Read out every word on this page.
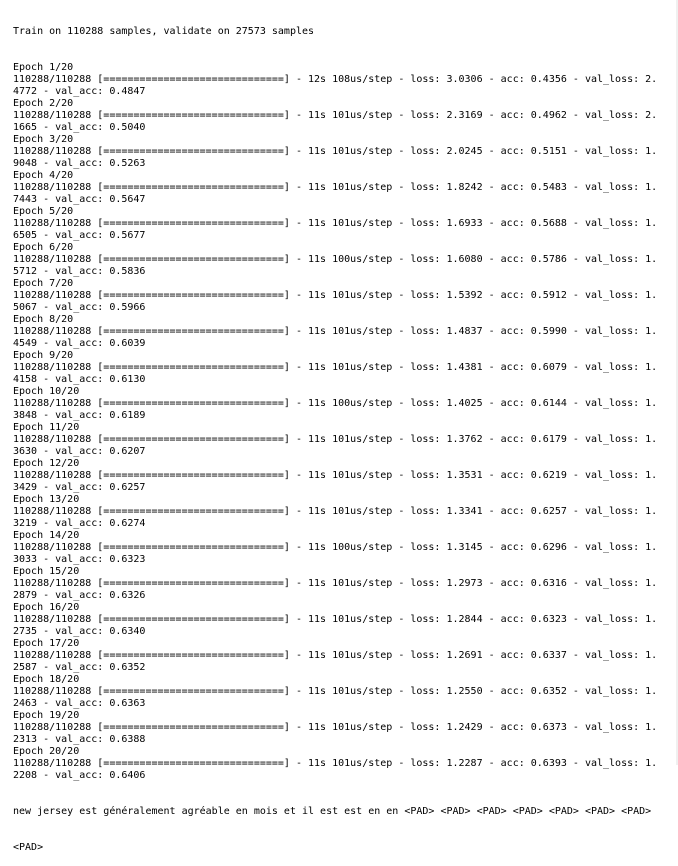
Train on 110288 samples, validate on 27573 samples

Epoch 1/20
110288/110288 [==============================] - 12s 108us/step - loss: 3.0306 - acc: 0.4356 - val_loss: 2.
4772 - val_acc: 0.4847
Epoch 2/20
110288/110288 [==============================] - 11s 101us/step - loss: 2.3169 - acc: 0.4962 - val_loss: 2.
1665 - val_acc: 0.5040
Epoch 3/20
110288/110288 [==============================] - 11s 101us/step - loss: 2.0245 - acc: 0.5151 - val_loss: 1.
9048 - val_acc: 0.5263
Epoch 4/20
110288/110288 [==============================] - 11s 101us/step - loss: 1.8242 - acc: 0.5483 - val_loss: 1.
7443 - val_acc: 0.5647
Epoch 5/20
110288/110288 [==============================] - 11s 101us/step - loss: 1.6933 - acc: 0.5688 - val_loss: 1.
6505 - val_acc: 0.5677
Epoch 6/20
110288/110288 [==============================] - 11s 100us/step - loss: 1.6080 - acc: 0.5786 - val_loss: 1.
5712 - val_acc: 0.5836
Epoch 7/20
110288/110288 [==============================] - 11s 101us/step - loss: 1.5392 - acc: 0.5912 - val_loss: 1.
5067 - val_acc: 0.5966
Epoch 8/20
110288/110288 [==============================] - 11s 101us/step - loss: 1.4837 - acc: 0.5990 - val_loss: 1.
4549 - val_acc: 0.6039
Epoch 9/20
110288/110288 [==============================] - 11s 101us/step - loss: 1.4381 - acc: 0.6079 - val_loss: 1.
4158 - val_acc: 0.6130
Epoch 10/20
110288/110288 [==============================] - 11s 100us/step - loss: 1.4025 - acc: 0.6144 - val_loss: 1.
3848 - val_acc: 0.6189
Epoch 11/20
110288/110288 [==============================] - 11s 101us/step - loss: 1.3762 - acc: 0.6179 - val_loss: 1.
3630 - val_acc: 0.6207
Epoch 12/20
110288/110288 [==============================] - 11s 101us/step - loss: 1.3531 - acc: 0.6219 - val_loss: 1.
3429 - val_acc: 0.6257
Epoch 13/20
110288/110288 [==============================] - 11s 101us/step - loss: 1.3341 - acc: 0.6257 - val_loss: 1.
3219 - val_acc: 0.6274
Epoch 14/20
110288/110288 [==============================] - 11s 100us/step - loss: 1.3145 - acc: 0.6296 - val_loss: 1.
3033 - val_acc: 0.6323
Epoch 15/20
110288/110288 [==============================] - 11s 101us/step - loss: 1.2973 - acc: 0.6316 - val_loss: 1.
2879 - val_acc: 0.6326
Epoch 16/20
110288/110288 [==============================] - 11s 101us/step - loss: 1.2844 - acc: 0.6323 - val_loss: 1.
2735 - val_acc: 0.6340
Epoch 17/20
110288/110288 [==============================] - 11s 101us/step - loss: 1.2691 - acc: 0.6337 - val_loss: 1.
2587 - val_acc: 0.6352
Epoch 18/20
110288/110288 [==============================] - 11s 101us/step - loss: 1.2550 - acc: 0.6352 - val_loss: 1.
2463 - val_acc: 0.6363
Epoch 19/20
110288/110288 [==============================] - 11s 101us/step - loss: 1.2429 - acc: 0.6373 - val_loss: 1.
2313 - val_acc: 0.6388
Epoch 20/20
110288/110288 [==============================] - 11s 101us/step - loss: 1.2287 - acc: 0.6393 - val_loss: 1.
2208 - val_acc: 0.6406

new jersey est généralement agréable en mois et il est est en en <PAD> <PAD> <PAD> <PAD> <PAD> <PAD> <PAD>

<PAD>
